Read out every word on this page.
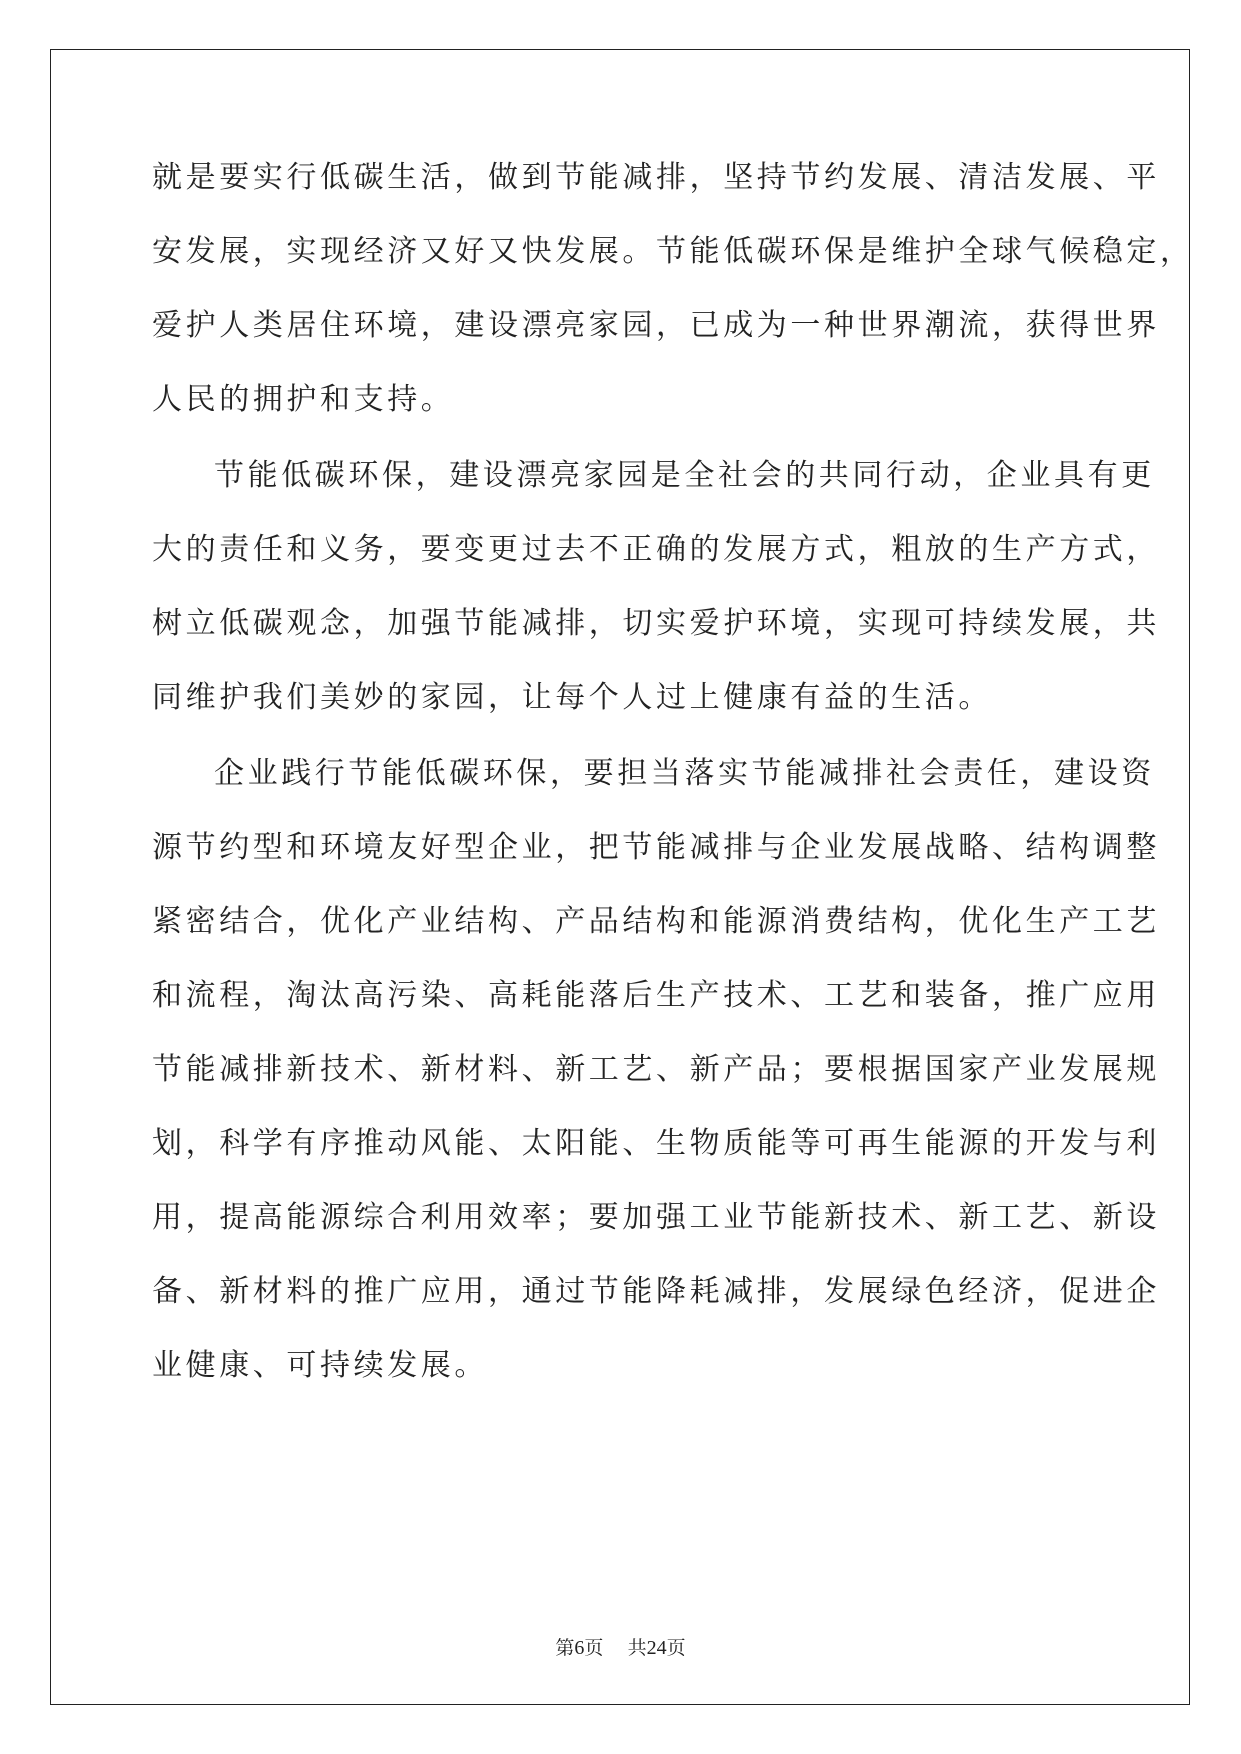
就是要实行低碳生活，做到节能减排，坚持节约发展、清洁发展、平
安发展，实现经济又好又快发展。节能低碳环保是维护全球气候稳定，
爱护人类居住环境，建设漂亮家园，已成为一种世界潮流，获得世界
人民的拥护和支持。
节能低碳环保，建设漂亮家园是全社会的共同行动，企业具有更
大的责任和义务，要变更过去不正确的发展方式，粗放的生产方式，
树立低碳观念，加强节能减排，切实爱护环境，实现可持续发展，共
同维护我们美妙的家园，让每个人过上健康有益的生活。
企业践行节能低碳环保，要担当落实节能减排社会责任，建设资
源节约型和环境友好型企业，把节能减排与企业发展战略、结构调整
紧密结合，优化产业结构、产品结构和能源消费结构，优化生产工艺
和流程，淘汰高污染、高耗能落后生产技术、工艺和装备，推广应用
节能减排新技术、新材料、新工艺、新产品；要根据国家产业发展规
划，科学有序推动风能、太阳能、生物质能等可再生能源的开发与利
用，提高能源综合利用效率；要加强工业节能新技术、新工艺、新设
备、新材料的推广应用，通过节能降耗减排，发展绿色经济，促进企
业健康、可持续发展。
第6页 共24页
